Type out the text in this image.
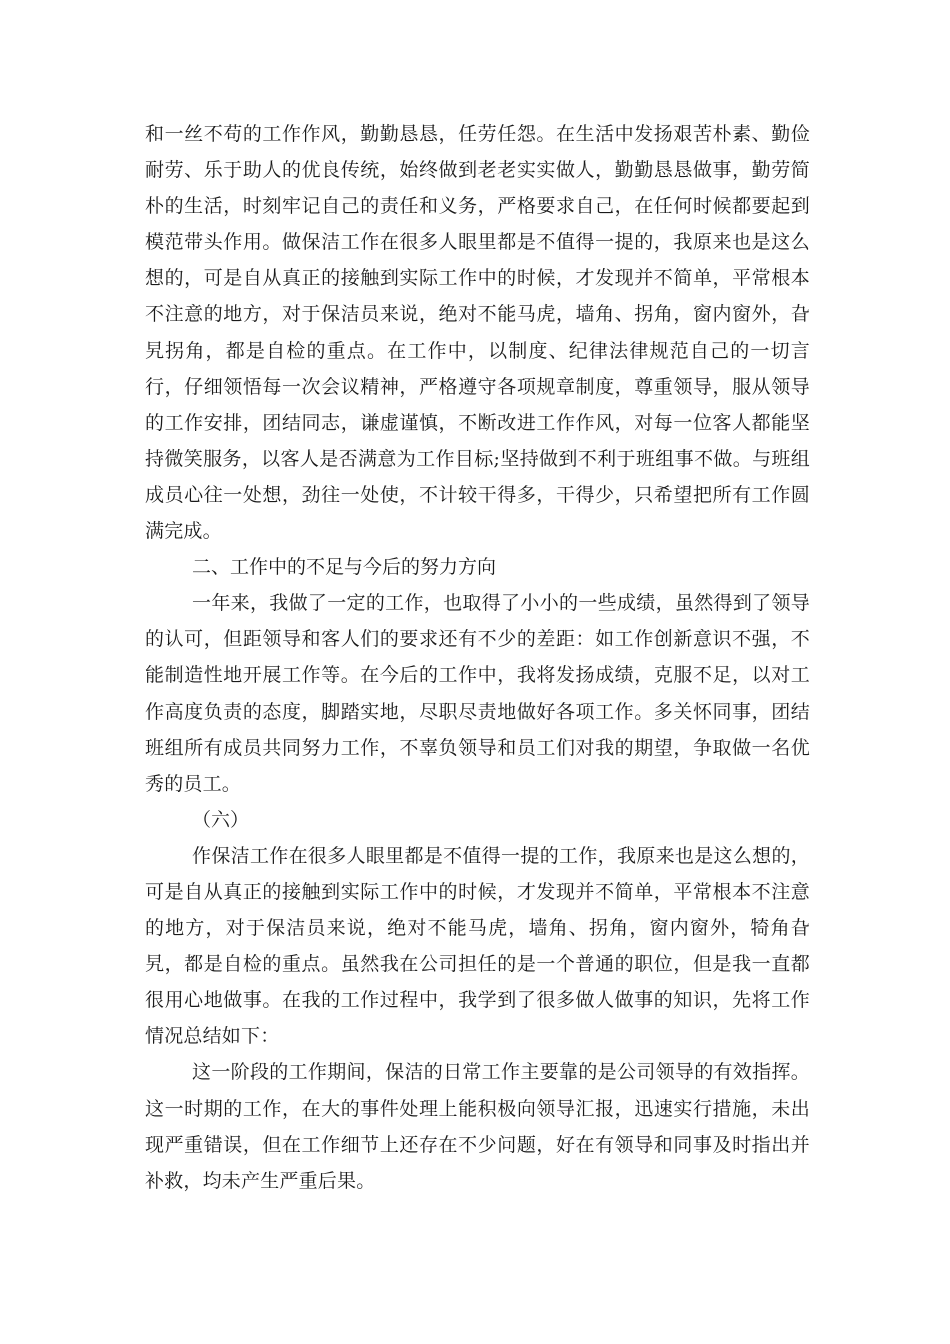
和一丝不苟的工作作风，勤勤恳恳，任劳任怨。在生活中发扬艰苦朴素、勤俭耐劳、乐于助人的优良传统，始终做到老老实实做人，勤勤恳恳做事，勤劳简朴的生活，时刻牢记自己的责任和义务，严格要求自己，在任何时候都要起到模范带头作用。做保洁工作在很多人眼里都是不值得一提的，我原来也是这么想的，可是自从真正的接触到实际工作中的时候，才发现并不简单，平常根本不注意的地方，对于保洁员来说，绝对不能马虎，墙角、拐角，窗内窗外，旮旯拐角，都是自检的重点。在工作中，以制度、纪律法律规范自己的一切言行，仔细领悟每一次会议精神，严格遵守各项规章制度，尊重领导，服从领导的工作安排，团结同志，谦虚谨慎，不断改进工作作风，对每一位客人都能坚持微笑服务，以客人是否满意为工作目标;坚持做到不利于班组事不做。与班组成员心往一处想，劲往一处使，不计较干得多，干得少，只希望把所有工作圆满完成。

二、工作中的不足与今后的努力方向

一年来，我做了一定的工作，也取得了小小的一些成绩，虽然得到了领导的认可，但距领导和客人们的要求还有不少的差距：如工作创新意识不强，不能制造性地开展工作等。在今后的工作中，我将发扬成绩，克服不足，以对工作高度负责的态度，脚踏实地，尽职尽责地做好各项工作。多关怀同事，团结班组所有成员共同努力工作，不辜负领导和员工们对我的期望，争取做一名优秀的员工。

（六）

作保洁工作在很多人眼里都是不值得一提的工作，我原来也是这么想的，可是自从真正的接触到实际工作中的时候，才发现并不简单，平常根本不注意的地方，对于保洁员来说，绝对不能马虎，墙角、拐角，窗内窗外，犄角旮旯，都是自检的重点。虽然我在公司担任的是一个普通的职位，但是我一直都很用心地做事。在我的工作过程中，我学到了很多做人做事的知识，先将工作情况总结如下：

这一阶段的工作期间，保洁的日常工作主要靠的是公司领导的有效指挥。这一时期的工作，在大的事件处理上能积极向领导汇报，迅速实行措施，未出现严重错误，但在工作细节上还存在不少问题，好在有领导和同事及时指出并补救，均未产生严重后果。
